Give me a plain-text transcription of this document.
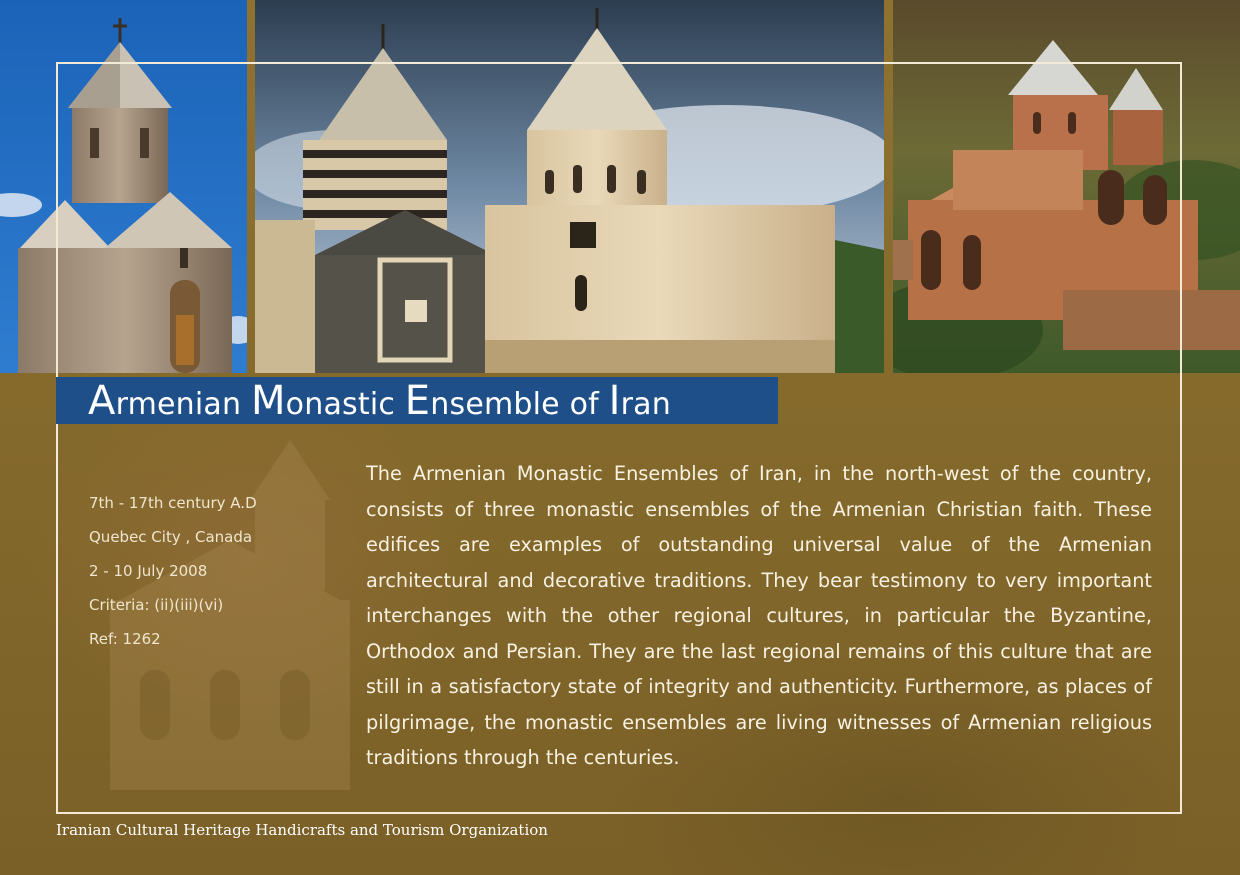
Armenian Monastic Ensemble of Iran
7th - 17th century A.D
Quebec City , Canada
2 - 10 July 2008
Criteria: (ii)(iii)(vi)
Ref: 1262

The Armenian Monastic Ensembles of Iran, in the north-west of the country, consists of three monastic ensembles of the Armenian Christian faith. These edifices are examples of outstanding universal value of the Armenian architectural and decorative traditions. They bear testimony to very important interchanges with the other regional cultures, in particular the Byzantine, Orthodox and Persian. They are the last regional remains of this culture that are still in a satisfactory state of integrity and authenticity. Furthermore, as places of pilgrimage, the monastic ensembles are living witnesses of Armenian religious traditions through the centuries.

Iranian Cultural Heritage Handicrafts and Tourism Organization
